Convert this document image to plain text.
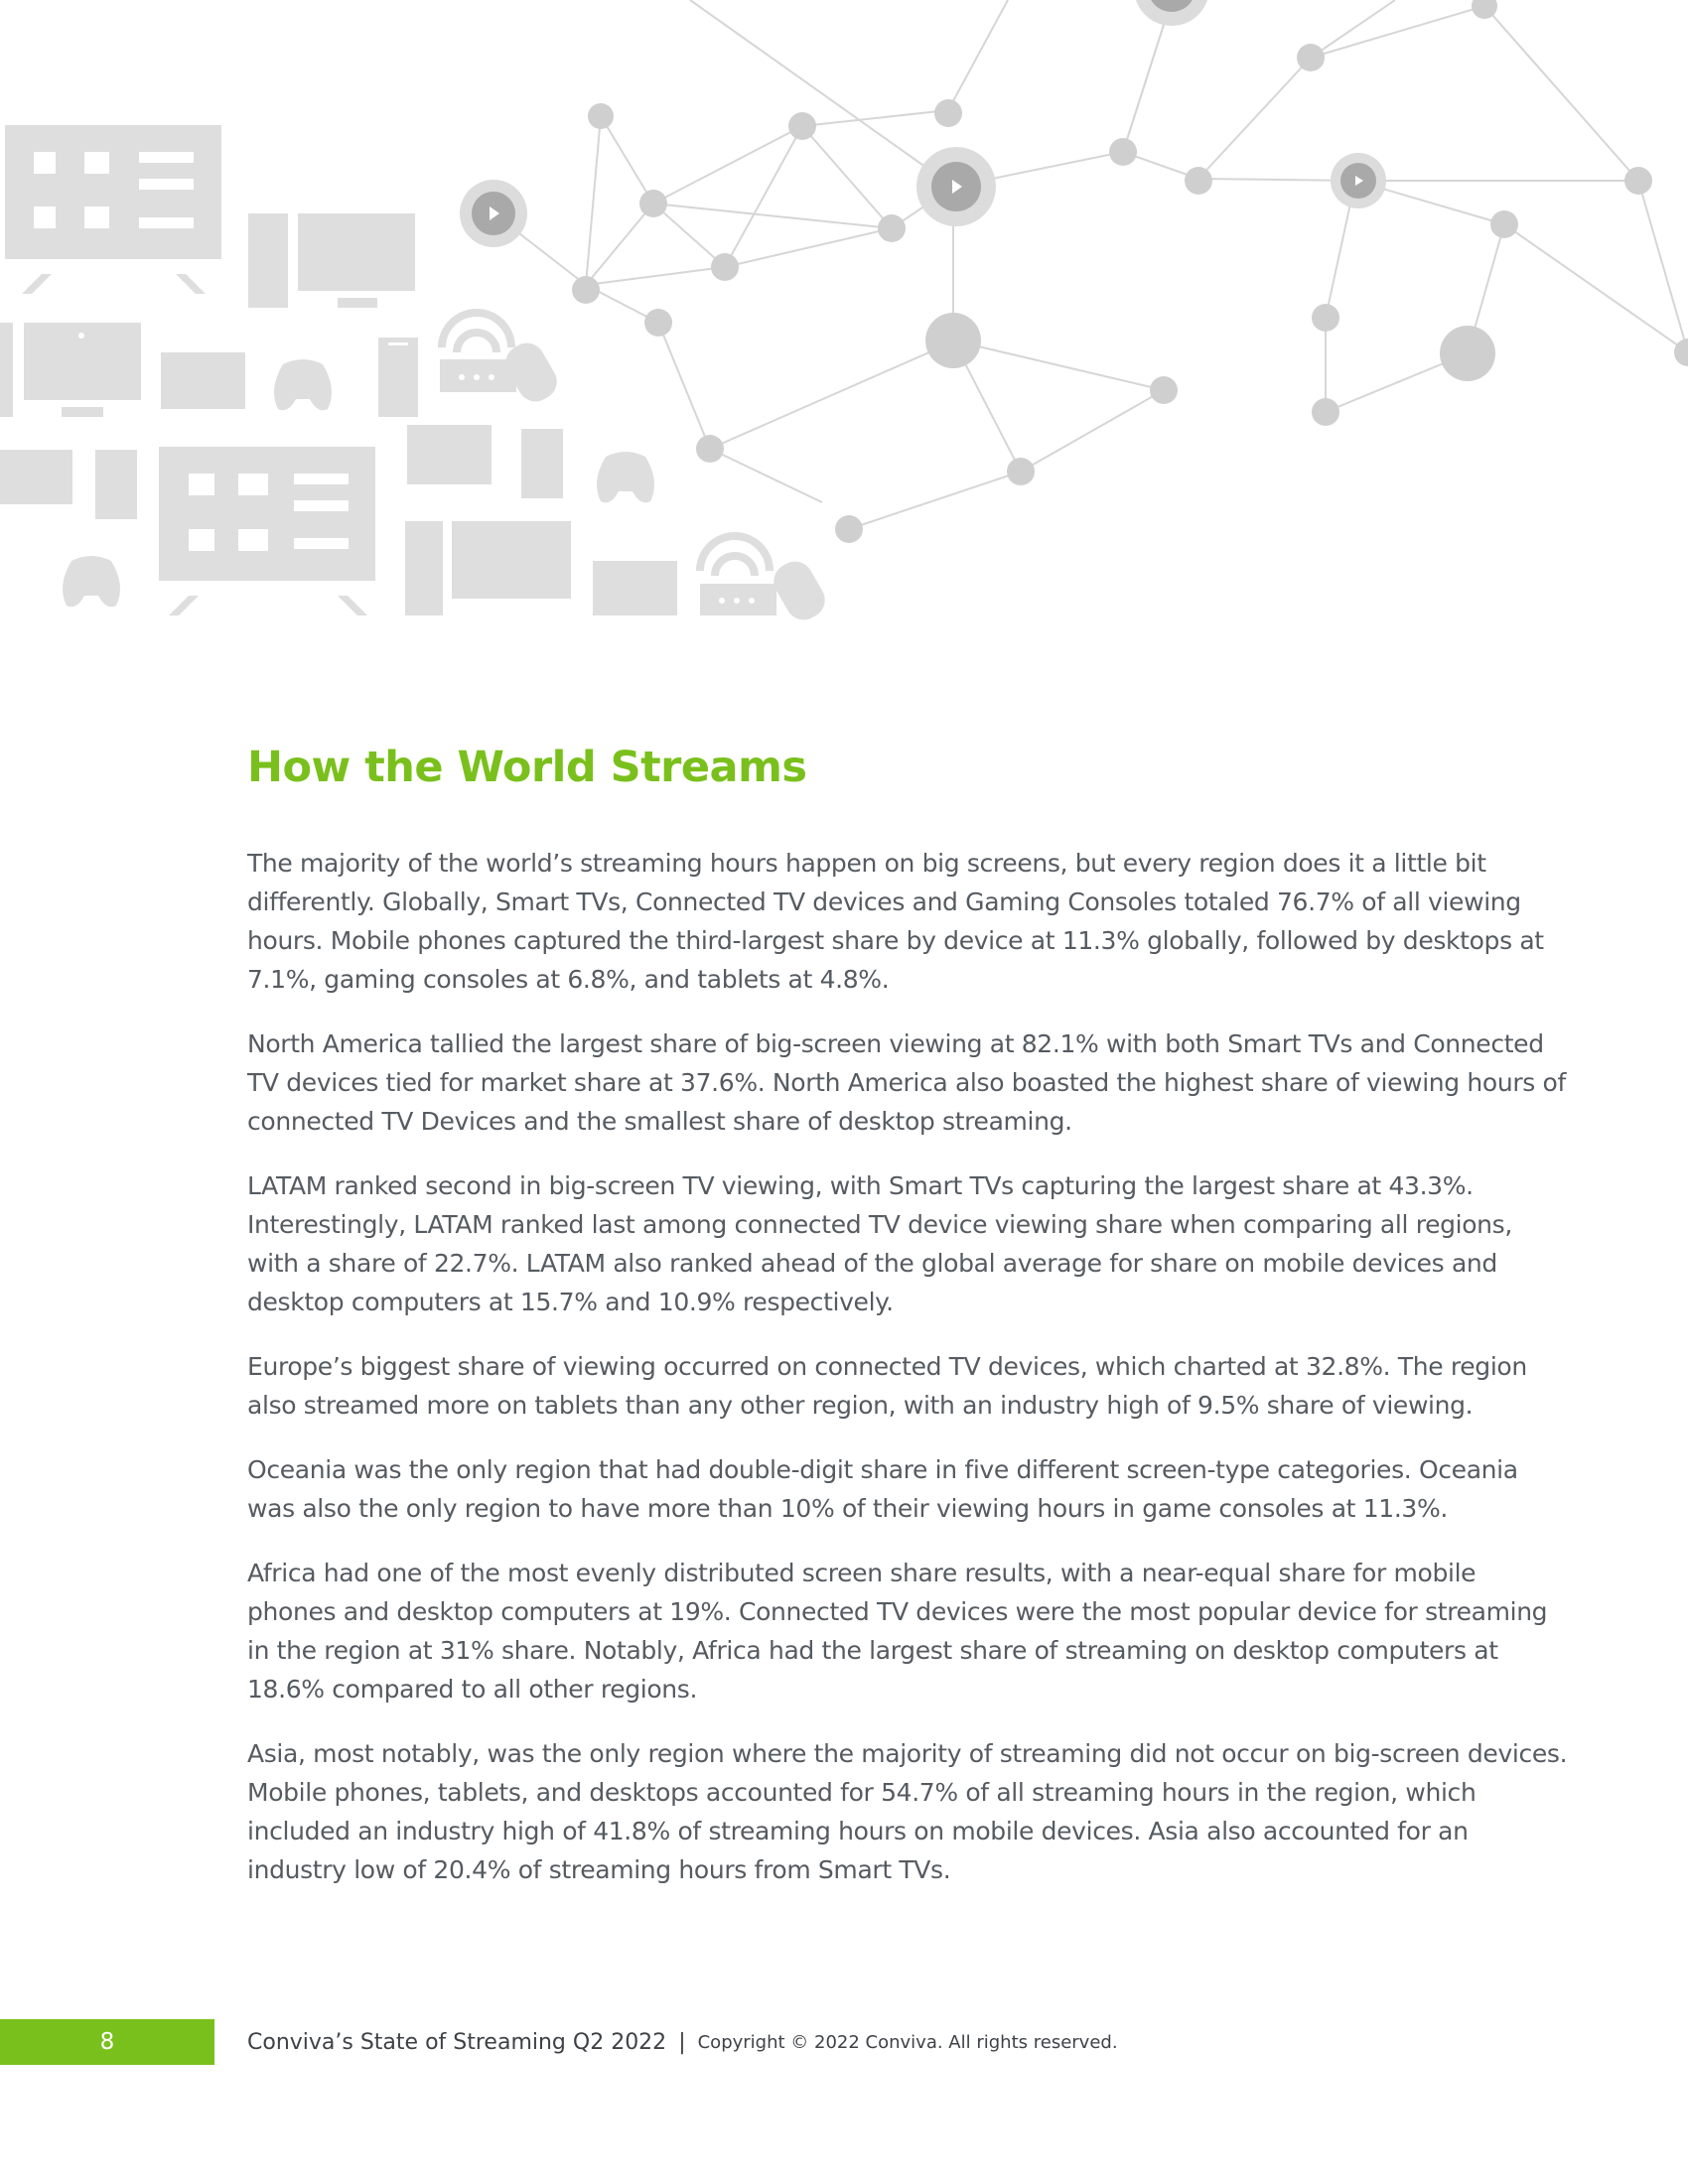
How the World Streams

The majority of the world’s streaming hours happen on big screens, but every region does it a little bit differently. Globally, Smart TVs, Connected TV devices and Gaming Consoles totaled 76.7% of all viewing hours. Mobile phones captured the third-largest share by device at 11.3% globally, followed by desktops at 7.1%, gaming consoles at 6.8%, and tablets at 4.8%.

North America tallied the largest share of big-screen viewing at 82.1% with both Smart TVs and Connected TV devices tied for market share at 37.6%. North America also boasted the highest share of viewing hours of connected TV Devices and the smallest share of desktop streaming.

LATAM ranked second in big-screen TV viewing, with Smart TVs capturing the largest share at 43.3%. Interestingly, LATAM ranked last among connected TV device viewing share when comparing all regions, with a share of 22.7%. LATAM also ranked ahead of the global average for share on mobile devices and desktop computers at 15.7% and 10.9% respectively.

Europe’s biggest share of viewing occurred on connected TV devices, which charted at 32.8%. The region also streamed more on tablets than any other region, with an industry high of 9.5% share of viewing.

Oceania was the only region that had double-digit share in five different screen-type categories. Oceania was also the only region to have more than 10% of their viewing hours in game consoles at 11.3%.

Africa had one of the most evenly distributed screen share results, with a near-equal share for mobile phones and desktop computers at 19%. Connected TV devices were the most popular device for streaming in the region at 31% share. Notably, Africa had the largest share of streaming on desktop computers at 18.6% compared to all other regions.

Asia, most notably, was the only region where the majority of streaming did not occur on big-screen devices. Mobile phones, tablets, and desktops accounted for 54.7% of all streaming hours in the region, which included an industry high of 41.8% of streaming hours on mobile devices. Asia also accounted for an industry low of 20.4% of streaming hours from Smart TVs.

8	Conviva’s State of Streaming Q2 2022 | Copyright © 2022 Conviva. All rights reserved.
